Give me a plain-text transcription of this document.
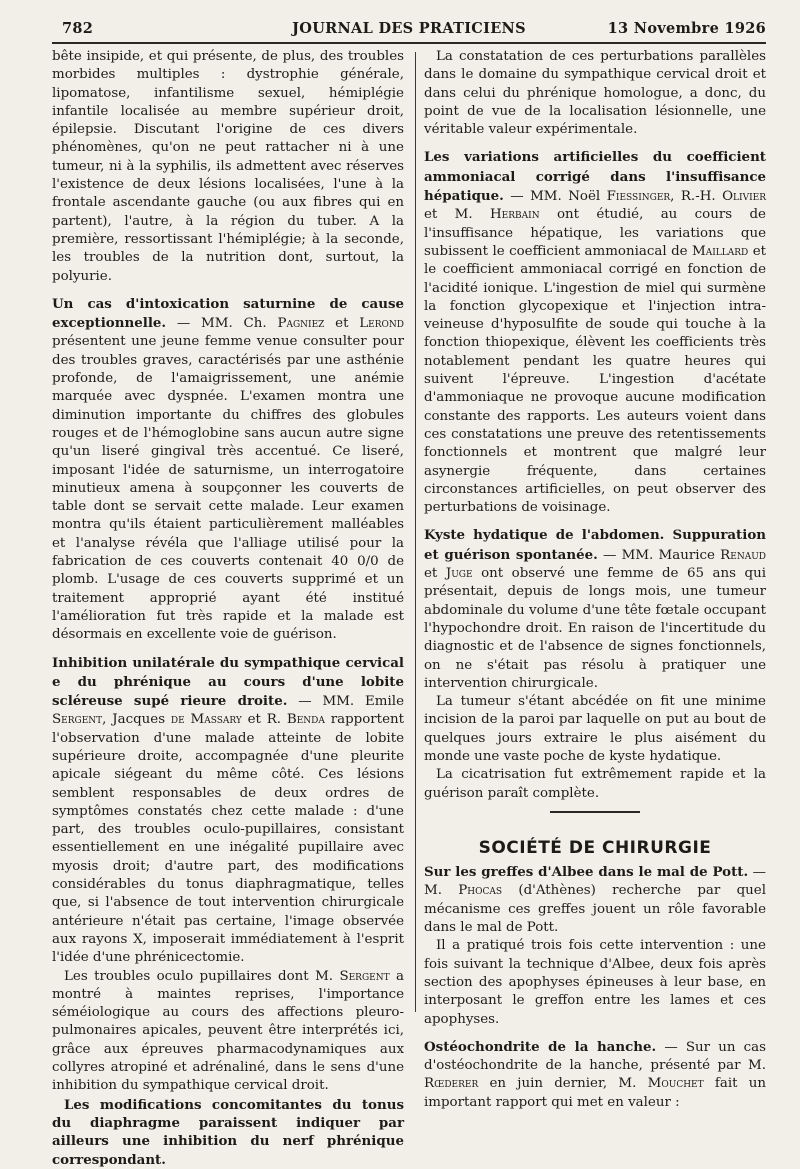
782	JOURNAL DES PRATICIENS	13 Novembre 1926

bête insipide, et qui présente, de plus, des troubles morbides multiples : dystrophie générale, lipomatose, infantilisme sexuel, hémiplégie infantile localisée au membre supérieur droit, épilepsie. Discutant l'origine de ces divers phénomènes, qu'on ne peut rattacher ni à une tumeur, ni à la syphilis, ils admettent avec réserves l'existence de deux lésions localisées, l'une à la frontale ascendante gauche (ou aux fibres qui en partent), l'autre, à la région du tuber. A la première, ressortissant l'hémiplégie; à la seconde, les troubles de la nutrition dont, surtout, la polyurie.

Un cas d'intoxication saturnine de cause exceptionnelle. — MM. Ch. Pagniez et Lerond présentent une jeune femme venue consulter pour des troubles graves, caractérisés par une asthénie profonde, de l'amaigrissement, une anémie marquée avec dyspnée. L'examen montra une diminution importante du chiffres des globules rouges et de l'hémoglobine sans aucun autre signe qu'un liseré gingival très accentué. Ce liseré, imposant l'idée de saturnisme, un interrogatoire minutieux amena à soupçonner les couverts de table dont se servait cette malade. Leur examen montra qu'ils étaient particulièrement malléables et l'analyse révéla que l'alliage utilisé pour la fabrication de ces couverts contenait 40 0/0 de plomb. L'usage de ces couverts supprimé et un traitement approprié ayant été institué l'amélioration fut très rapide et la malade est désormais en excellente voie de guérison.

Inhibition unilatérale du sympathique cervical e du phrénique au cours d'une lobite scléreuse supé rieure droite. — MM. Emile Sergent, Jacques de Massary et R. Benda rapportent l'observation d'une malade atteinte de lobite supérieure droite, accompagnée d'une pleurite apicale siégeant du même côté. Ces lésions semblent responsables de deux ordres de symptômes constatés chez cette malade : d'une part, des troubles oculo-pupillaires, consistant essentiellement en une inégalité pupillaire avec myosis droit; d'autre part, des modifications considérables du tonus diaphragmatique, telles que, si l'absence de tout intervention chirurgicale antérieure n'était pas certaine, l'image observée aux rayons X, imposerait immédiatement à l'esprit l'idée d'une phrénicectomie.

Les troubles oculo pupillaires dont M. Sergent a montré à maintes reprises, l'importance séméiologique au cours des affections pleuro-pulmonaires apicales, peuvent être interprétés ici, grâce aux épreuves pharmacodynamiques aux collyres atropiné et adrénaliné, dans le sens d'une inhibition du sympathique cervical droit.

Les modifications concomitantes du tonus du diaphragme paraissent indiquer par ailleurs une inhibition du nerf phrénique correspondant.

La constatation de ces perturbations parallèles dans le domaine du sympathique cervical droit et dans celui du phrénique homologue, a donc, du point de vue de la localisation lésionnelle, une véritable valeur expérimentale.

Les variations artificielles du coefficient ammoniacal corrigé dans l'insuffisance hépatique. — MM. Noël Fiessinger, R.-H. Olivier et M. Herbain ont étudié, au cours de l'insuffisance hépatique, les variations que subissent le coefficient ammoniacal de Maillard et le coefficient ammoniacal corrigé en fonction de l'acidité ionique. L'ingestion de miel qui surmène la fonction glycopexique et l'injection intra-veineuse d'hyposulfite de soude qui touche à la fonction thiopexique, élèvent les coefficients très notablement pendant les quatre heures qui suivent l'épreuve. L'ingestion d'acétate d'ammoniaque ne provoque aucune modification constante des rapports. Les auteurs voient dans ces constatations une preuve des retentissements fonctionnels et montrent que malgré leur asynergie fréquente, dans certaines circonstances artificielles, on peut observer des perturbations de voisinage.

Kyste hydatique de l'abdomen. Suppuration et guérison spontanée. — MM. Maurice Renaud et Juge ont observé une femme de 65 ans qui présentait, depuis de longs mois, une tumeur abdominale du volume d'une tête fœtale occupant l'hypochondre droit. En raison de l'incertitude du diagnostic et de l'absence de signes fonctionnels, on ne s'était pas résolu à pratiquer une intervention chirurgicale.

La tumeur s'étant abcédée on fit une minime incision de la paroi par laquelle on put au bout de quelques jours extraire le plus aisément du monde une vaste poche de kyste hydatique.

La cicatrisation fut extrêmement rapide et la guérison paraît complète.

SOCIÉTÉ DE CHIRURGIE

Sur les greffes d'Albee dans le mal de Pott. — M. Phocas (d'Athènes) recherche par quel mécanisme ces greffes jouent un rôle favorable dans le mal de Pott.

Il a pratiqué trois fois cette intervention : une fois suivant la technique d'Albee, deux fois après section des apophyses épineuses à leur base, en interposant le greffon entre les lames et ces apophyses.

Ostéochondrite de la hanche. — Sur un cas d'ostéochondrite de la hanche, présenté par M. Rœderer en juin dernier, M. Mouchet fait un important rapport qui met en valeur :
